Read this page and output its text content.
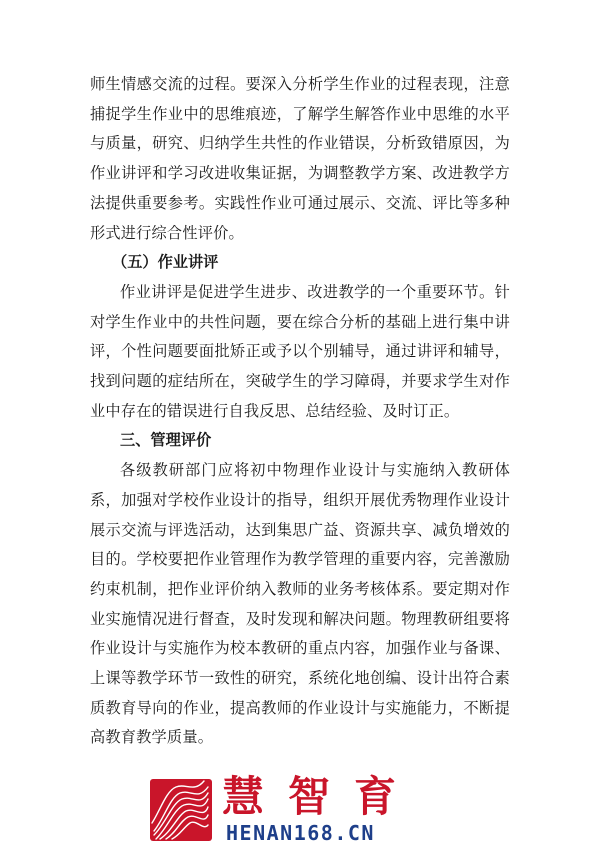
师生情感交流的过程。要深入分析学生作业的过程表现，注意捕捉学生作业中的思维痕迹，了解学生解答作业中思维的水平与质量，研究、归纳学生共性的作业错误，分析致错原因，为作业讲评和学习改进收集证据，为调整教学方案、改进教学方法提供重要参考。实践性作业可通过展示、交流、评比等多种形式进行综合性评价。

（五）作业讲评

作业讲评是促进学生进步、改进教学的一个重要环节。针对学生作业中的共性问题，要在综合分析的基础上进行集中讲评，个性问题要面批矫正或予以个别辅导，通过讲评和辅导，找到问题的症结所在，突破学生的学习障碍，并要求学生对作业中存在的错误进行自我反思、总结经验、及时订正。

三、管理评价

各级教研部门应将初中物理作业设计与实施纳入教研体系，加强对学校作业设计的指导，组织开展优秀物理作业设计展示交流与评选活动，达到集思广益、资源共享、减负增效的目的。学校要把作业管理作为教学管理的重要内容，完善激励约束机制，把作业评价纳入教师的业务考核体系。要定期对作业实施情况进行督查，及时发现和解决问题。物理教研组要将作业设计与实施作为校本教研的重点内容，加强作业与备课、上课等教学环节一致性的研究，系统化地创编、设计出符合素质教育导向的作业，提高教师的作业设计与实施能力，不断提高教育教学质量。

慧智育
HENAN168.CN
